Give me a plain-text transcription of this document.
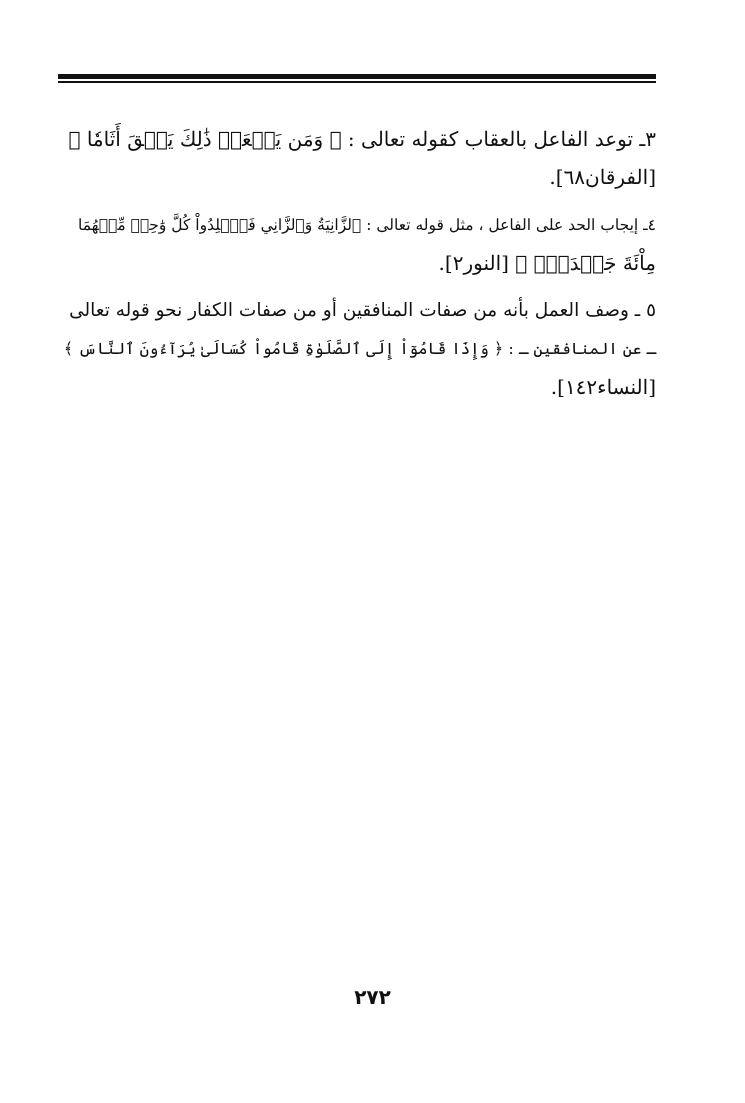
٣ـ توعد الفاعل بالعقاب كقوله تعالى : ﴿ وَمَن يَفۡعَلۡ ذَٰلِكَ يَلۡقَ أَثَامٗا ﴾
[الفرقان٦٨].
٤ـ إيجاب الحد على الفاعل ، مثل قوله تعالى : ٱلزَّانِيَةُ وَٱلزَّانِي فَٱجۡلِدُواْ كُلَّ وَٰحِدٖ مِّنۡهُمَا
مِاْئَةَ جَلۡدَةٖۖ ﴾ [النور٢].
٥ ـ وصف العمل بأنه من صفات المنافقين أو من صفات الكفار نحو قوله تعالى
ـ عن المنافقين ـ : ﴿ وَإِذَا قَامُوٓاْ إِلَى ٱلصَّلَوٰةِ قَامُواْ كُسَالَىٰ يُرَآءُونَ ٱلنَّاسَ ﴾
[النساء١٤٢].
٢٧٢
